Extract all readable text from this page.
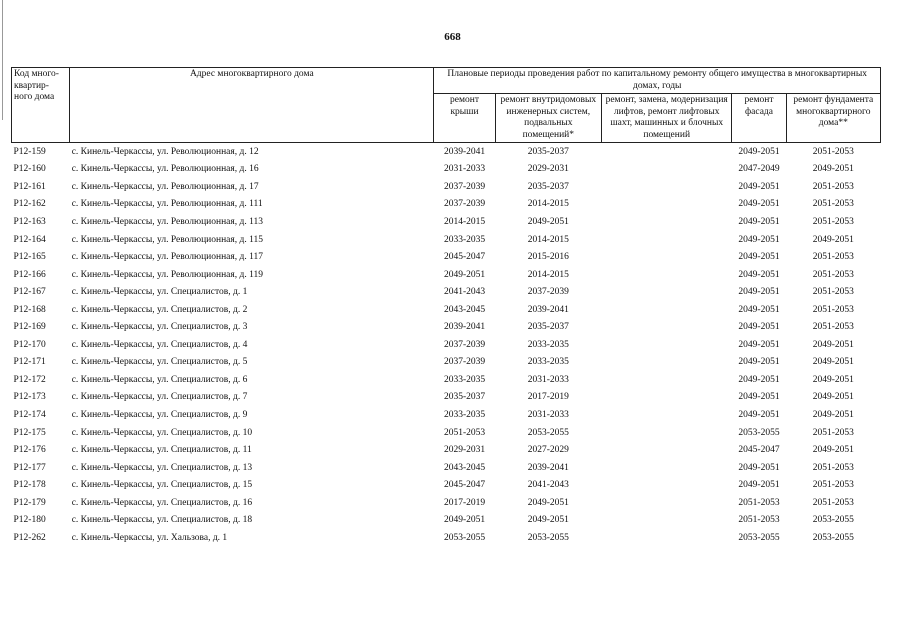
668
Код много-квартир-ного дома	Адрес многоквартирного дома	Плановые периоды проведения работ по капитальному ремонту общего имущества в многоквартирных домах, годы				
		ремонт крыши	ремонт внутридомовых инженерных систем, подвальных помещений*	ремонт, замена, модернизация лифтов, ремонт лифтовых шахт, машинных и блочных помещений	ремонт фасада	ремонт фундамента многоквартирного дома**
P12-159	с. Кинель-Черкассы, ул. Революционная, д. 12	2039-2041	2035-2037		2049-2051	2051-2053
P12-160	с. Кинель-Черкассы, ул. Революционная, д. 16	2031-2033	2029-2031		2047-2049	2049-2051
P12-161	с. Кинель-Черкассы, ул. Революционная, д. 17	2037-2039	2035-2037		2049-2051	2051-2053
P12-162	с. Кинель-Черкассы, ул. Революционная, д. 111	2037-2039	2014-2015		2049-2051	2051-2053
P12-163	с. Кинель-Черкассы, ул. Революционная, д. 113	2014-2015	2049-2051		2049-2051	2051-2053
P12-164	с. Кинель-Черкассы, ул. Революционная, д. 115	2033-2035	2014-2015		2049-2051	2049-2051
P12-165	с. Кинель-Черкассы, ул. Революционная, д. 117	2045-2047	2015-2016		2049-2051	2051-2053
P12-166	с. Кинель-Черкассы, ул. Революционная, д. 119	2049-2051	2014-2015		2049-2051	2051-2053
P12-167	с. Кинель-Черкассы, ул. Специалистов, д. 1	2041-2043	2037-2039		2049-2051	2051-2053
P12-168	с. Кинель-Черкассы, ул. Специалистов, д. 2	2043-2045	2039-2041		2049-2051	2051-2053
P12-169	с. Кинель-Черкассы, ул. Специалистов, д. 3	2039-2041	2035-2037		2049-2051	2051-2053
P12-170	с. Кинель-Черкассы, ул. Специалистов, д. 4	2037-2039	2033-2035		2049-2051	2049-2051
P12-171	с. Кинель-Черкассы, ул. Специалистов, д. 5	2037-2039	2033-2035		2049-2051	2049-2051
P12-172	с. Кинель-Черкассы, ул. Специалистов, д. 6	2033-2035	2031-2033		2049-2051	2049-2051
P12-173	с. Кинель-Черкассы, ул. Специалистов, д. 7	2035-2037	2017-2019		2049-2051	2049-2051
P12-174	с. Кинель-Черкассы, ул. Специалистов, д. 9	2033-2035	2031-2033		2049-2051	2049-2051
P12-175	с. Кинель-Черкассы, ул. Специалистов, д. 10	2051-2053	2053-2055		2053-2055	2051-2053
P12-176	с. Кинель-Черкассы, ул. Специалистов, д. 11	2029-2031	2027-2029		2045-2047	2049-2051
P12-177	с. Кинель-Черкассы, ул. Специалистов, д. 13	2043-2045	2039-2041		2049-2051	2051-2053
P12-178	с. Кинель-Черкассы, ул. Специалистов, д. 15	2045-2047	2041-2043		2049-2051	2051-2053
P12-179	с. Кинель-Черкассы, ул. Специалистов, д. 16	2017-2019	2049-2051		2051-2053	2051-2053
P12-180	с. Кинель-Черкассы, ул. Специалистов, д. 18	2049-2051	2049-2051		2051-2053	2053-2055
P12-262	с. Кинель-Черкассы, ул. Хальзова, д. 1	2053-2055	2053-2055		2053-2055	2053-2055
